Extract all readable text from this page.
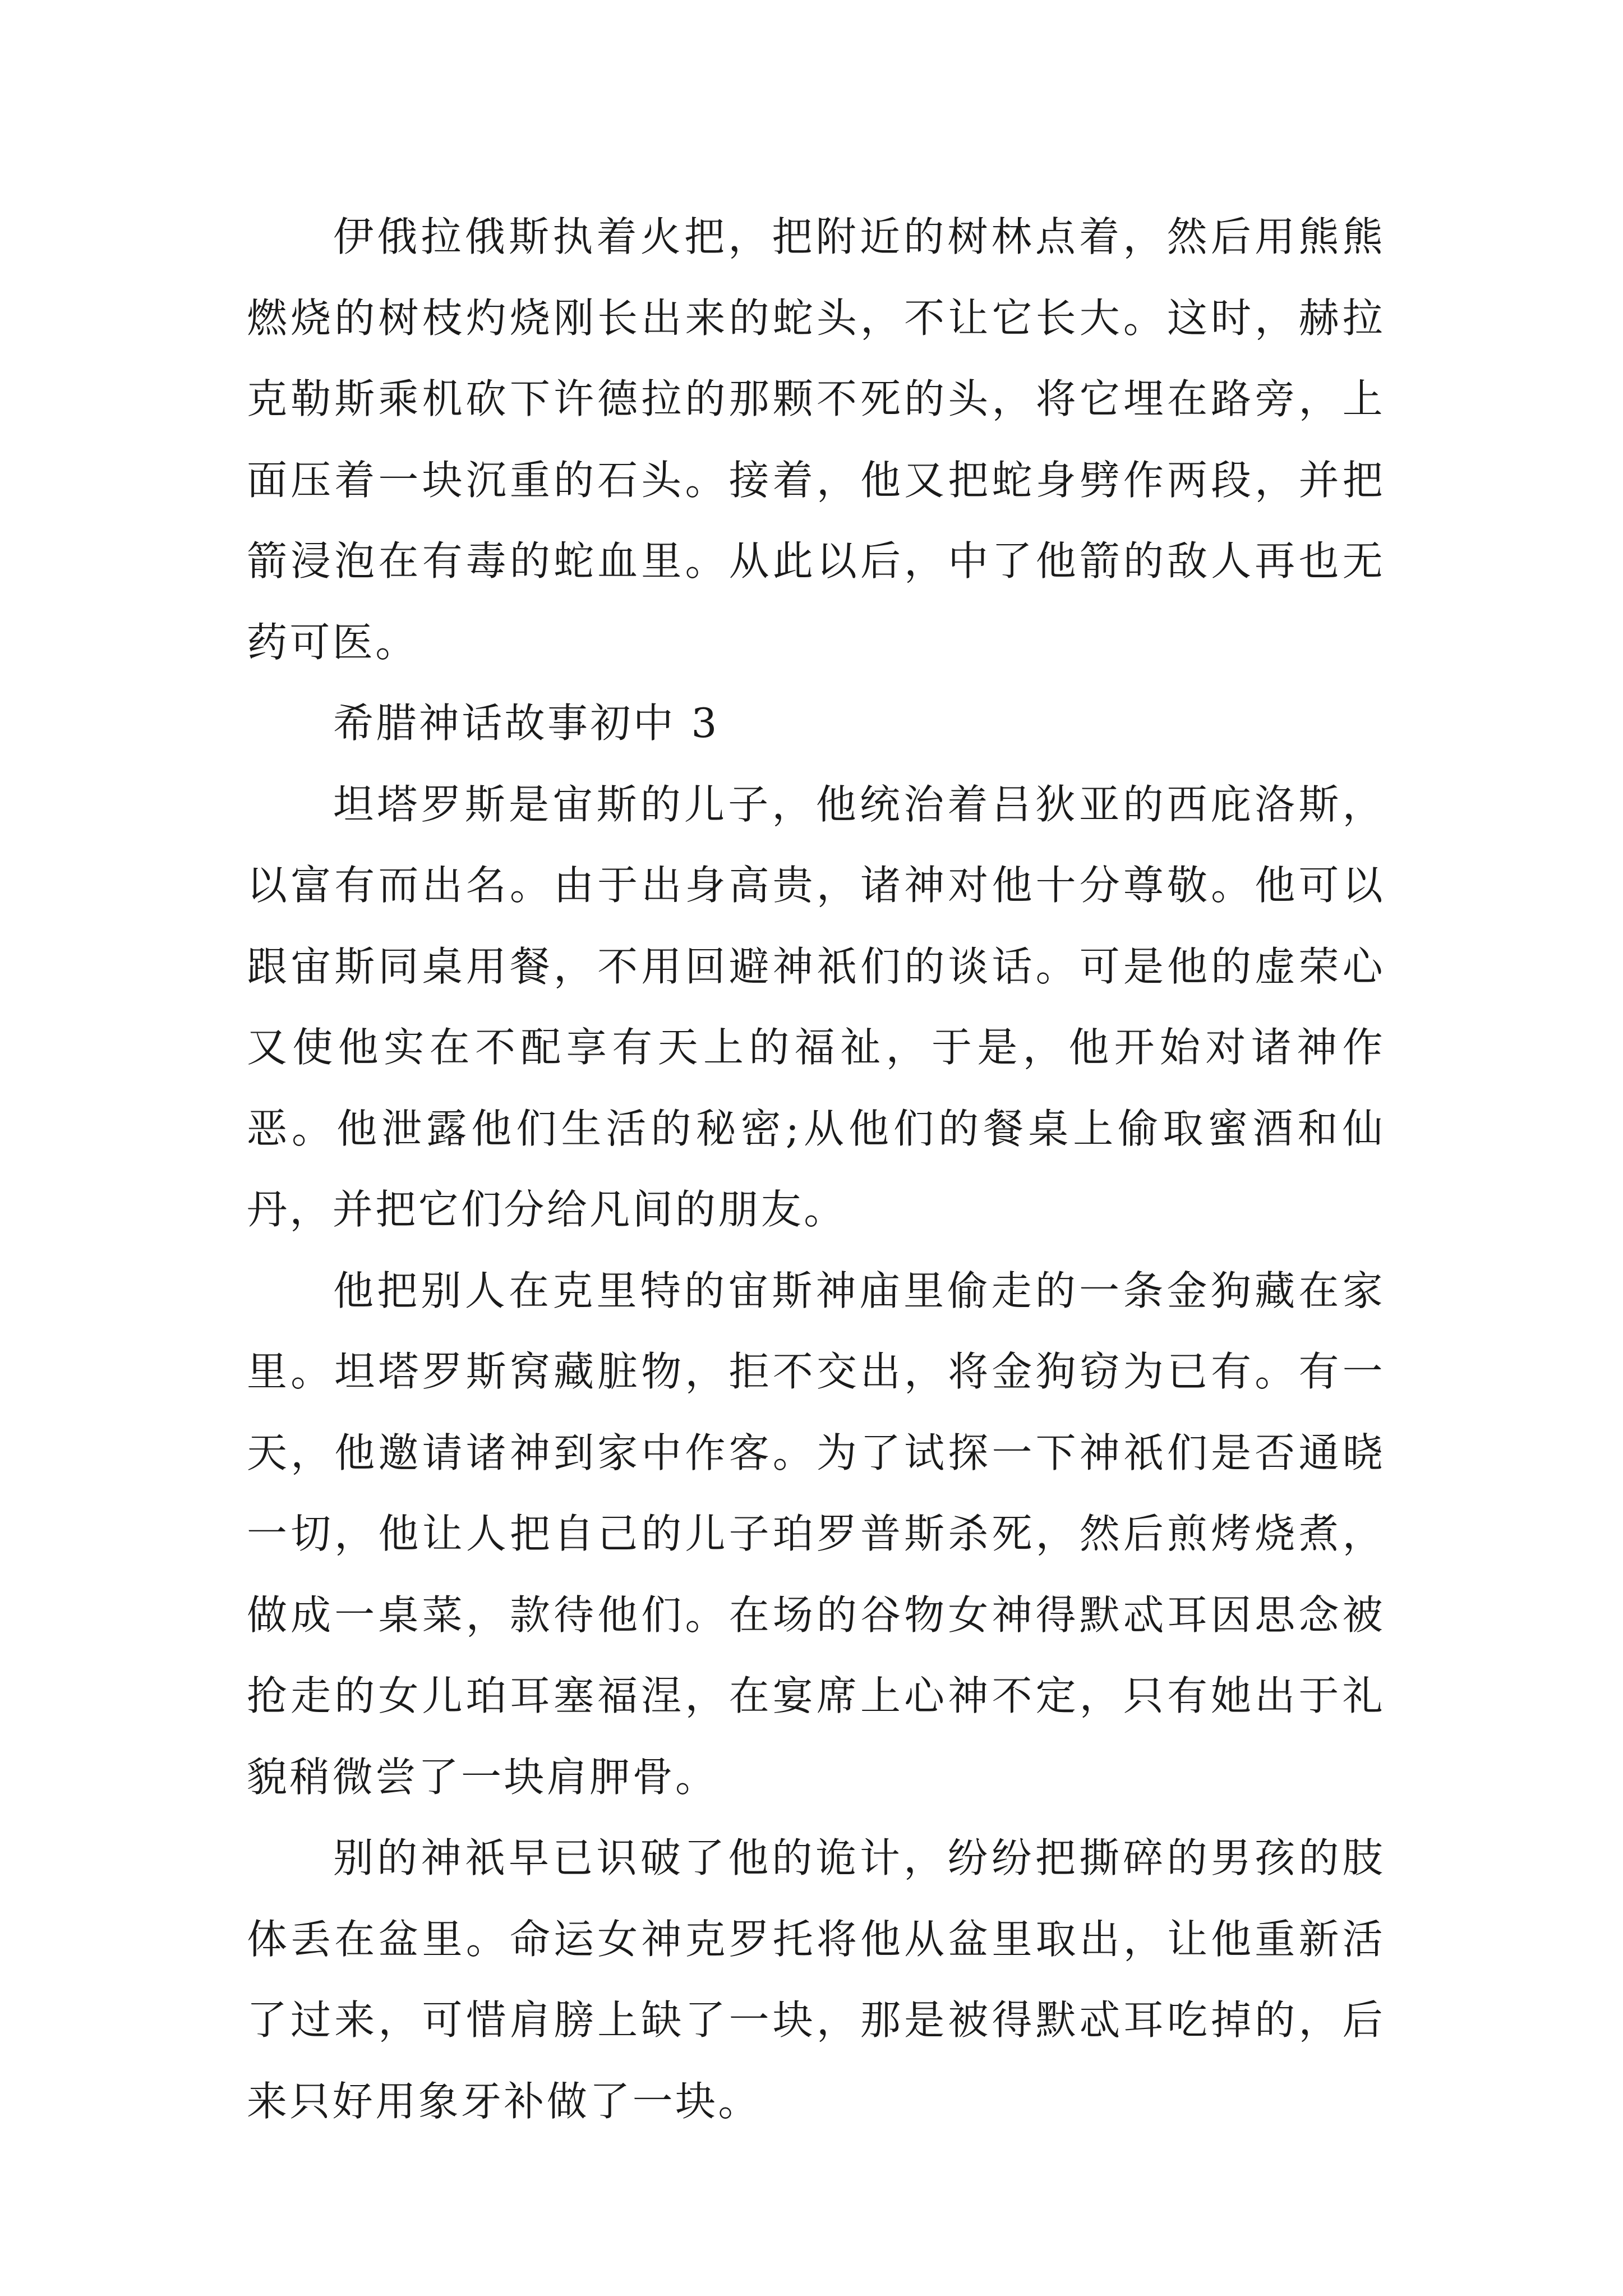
伊俄拉俄斯执着火把，把附近的树林点着，然后用熊熊燃烧的树枝灼烧刚长出来的蛇头，不让它长大。这时，赫拉克勒斯乘机砍下许德拉的那颗不死的头，将它埋在路旁，上面压着一块沉重的石头。接着，他又把蛇身劈作两段，并把箭浸泡在有毒的蛇血里。从此以后，中了他箭的敌人再也无药可医。

希腊神话故事初中 3

坦塔罗斯是宙斯的儿子，他统治着吕狄亚的西庇洛斯，以富有而出名。由于出身高贵，诸神对他十分尊敬。他可以跟宙斯同桌用餐，不用回避神祇们的谈话。可是他的虚荣心又使他实在不配享有天上的福祉，于是，他开始对诸神作恶。他泄露他们生活的秘密;从他们的餐桌上偷取蜜酒和仙丹，并把它们分给凡间的朋友。

他把别人在克里特的宙斯神庙里偷走的一条金狗藏在家里。坦塔罗斯窝藏脏物，拒不交出，将金狗窃为已有。有一天，他邀请诸神到家中作客。为了试探一下神祇们是否通晓一切，他让人把自己的儿子珀罗普斯杀死，然后煎烤烧煮，做成一桌菜，款待他们。在场的谷物女神得默忒耳因思念被抢走的女儿珀耳塞福涅，在宴席上心神不定，只有她出于礼貌稍微尝了一块肩胛骨。

别的神祇早已识破了他的诡计，纷纷把撕碎的男孩的肢体丢在盆里。命运女神克罗托将他从盆里取出，让他重新活了过来，可惜肩膀上缺了一块，那是被得默忒耳吃掉的，后来只好用象牙补做了一块。
